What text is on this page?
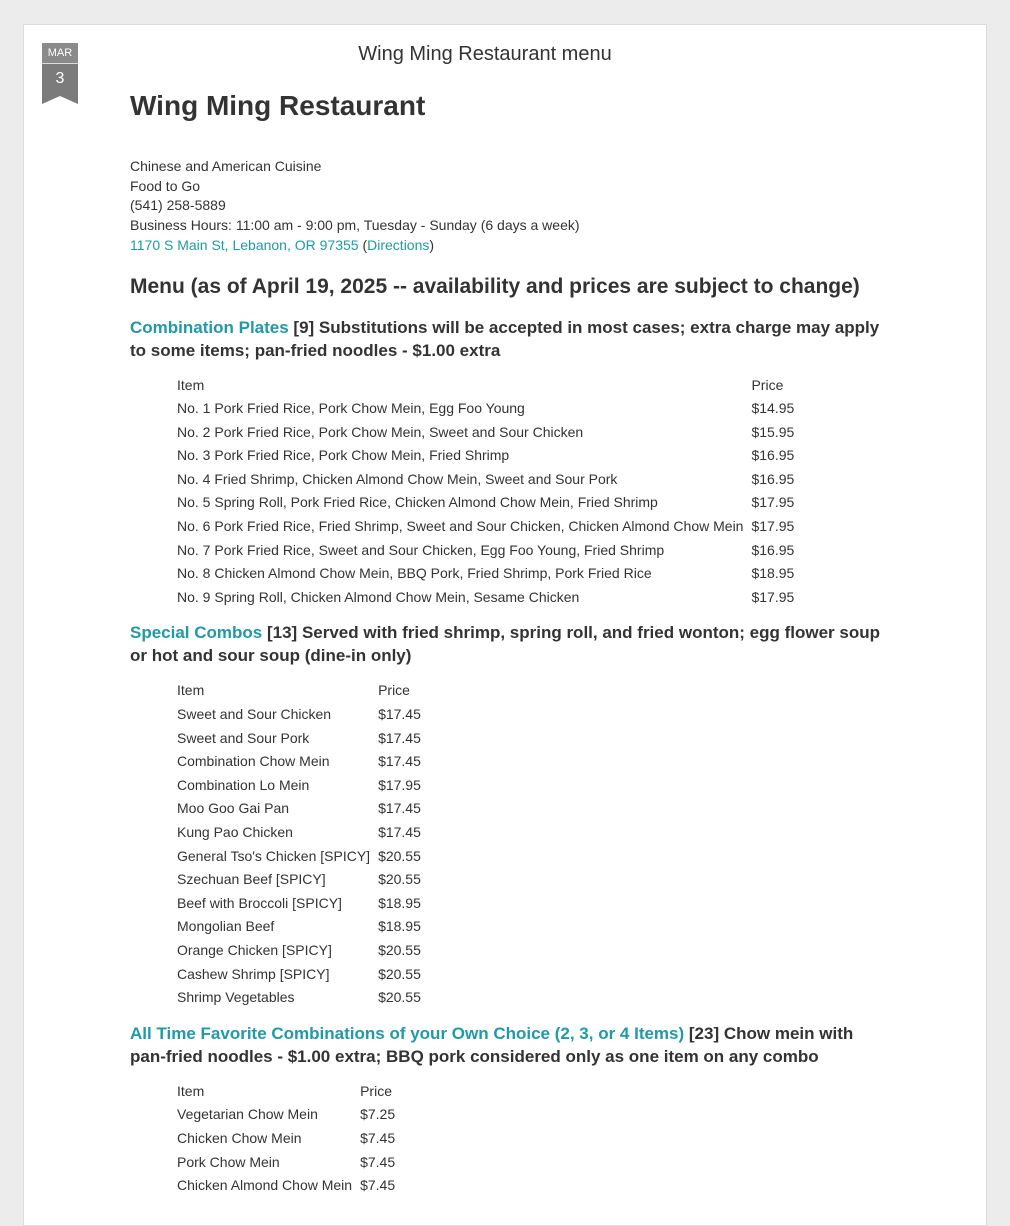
MAR
3
Wing Ming Restaurant menu
Wing Ming Restaurant
Chinese and American Cuisine
Food to Go
(541) 258-5889
Business Hours: 11:00 am - 9:00 pm, Tuesday - Sunday (6 days a week)
1170 S Main St, Lebanon, OR 97355 (Directions)
Menu (as of April 19, 2025 -- availability and prices are subject to change)
Combination Plates [9] Substitutions will be accepted in most cases; extra charge may apply to some items; pan-fried noodles - $1.00 extra
Item	Price
No. 1 Pork Fried Rice, Pork Chow Mein, Egg Foo Young	$14.95
No. 2 Pork Fried Rice, Pork Chow Mein, Sweet and Sour Chicken	$15.95
No. 3 Pork Fried Rice, Pork Chow Mein, Fried Shrimp	$16.95
No. 4 Fried Shrimp, Chicken Almond Chow Mein, Sweet and Sour Pork	$16.95
No. 5 Spring Roll, Pork Fried Rice, Chicken Almond Chow Mein, Fried Shrimp	$17.95
No. 6 Pork Fried Rice, Fried Shrimp, Sweet and Sour Chicken, Chicken Almond Chow Mein	$17.95
No. 7 Pork Fried Rice, Sweet and Sour Chicken, Egg Foo Young, Fried Shrimp	$16.95
No. 8 Chicken Almond Chow Mein, BBQ Pork, Fried Shrimp, Pork Fried Rice	$18.95
No. 9 Spring Roll, Chicken Almond Chow Mein, Sesame Chicken	$17.95
Special Combos [13] Served with fried shrimp, spring roll, and fried wonton; egg flower soup or hot and sour soup (dine-in only)
Item	Price
Sweet and Sour Chicken	$17.45
Sweet and Sour Pork	$17.45
Combination Chow Mein	$17.45
Combination Lo Mein	$17.95
Moo Goo Gai Pan	$17.45
Kung Pao Chicken	$17.45
General Tso's Chicken [SPICY]	$20.55
Szechuan Beef [SPICY]	$20.55
Beef with Broccoli [SPICY]	$18.95
Mongolian Beef	$18.95
Orange Chicken [SPICY]	$20.55
Cashew Shrimp [SPICY]	$20.55
Shrimp Vegetables	$20.55
All Time Favorite Combinations of your Own Choice (2, 3, or 4 Items) [23] Chow mein with pan-fried noodles - $1.00 extra; BBQ pork considered only as one item on any combo
Item	Price
Vegetarian Chow Mein	$7.25
Chicken Chow Mein	$7.45
Pork Chow Mein	$7.45
Chicken Almond Chow Mein	$7.45
